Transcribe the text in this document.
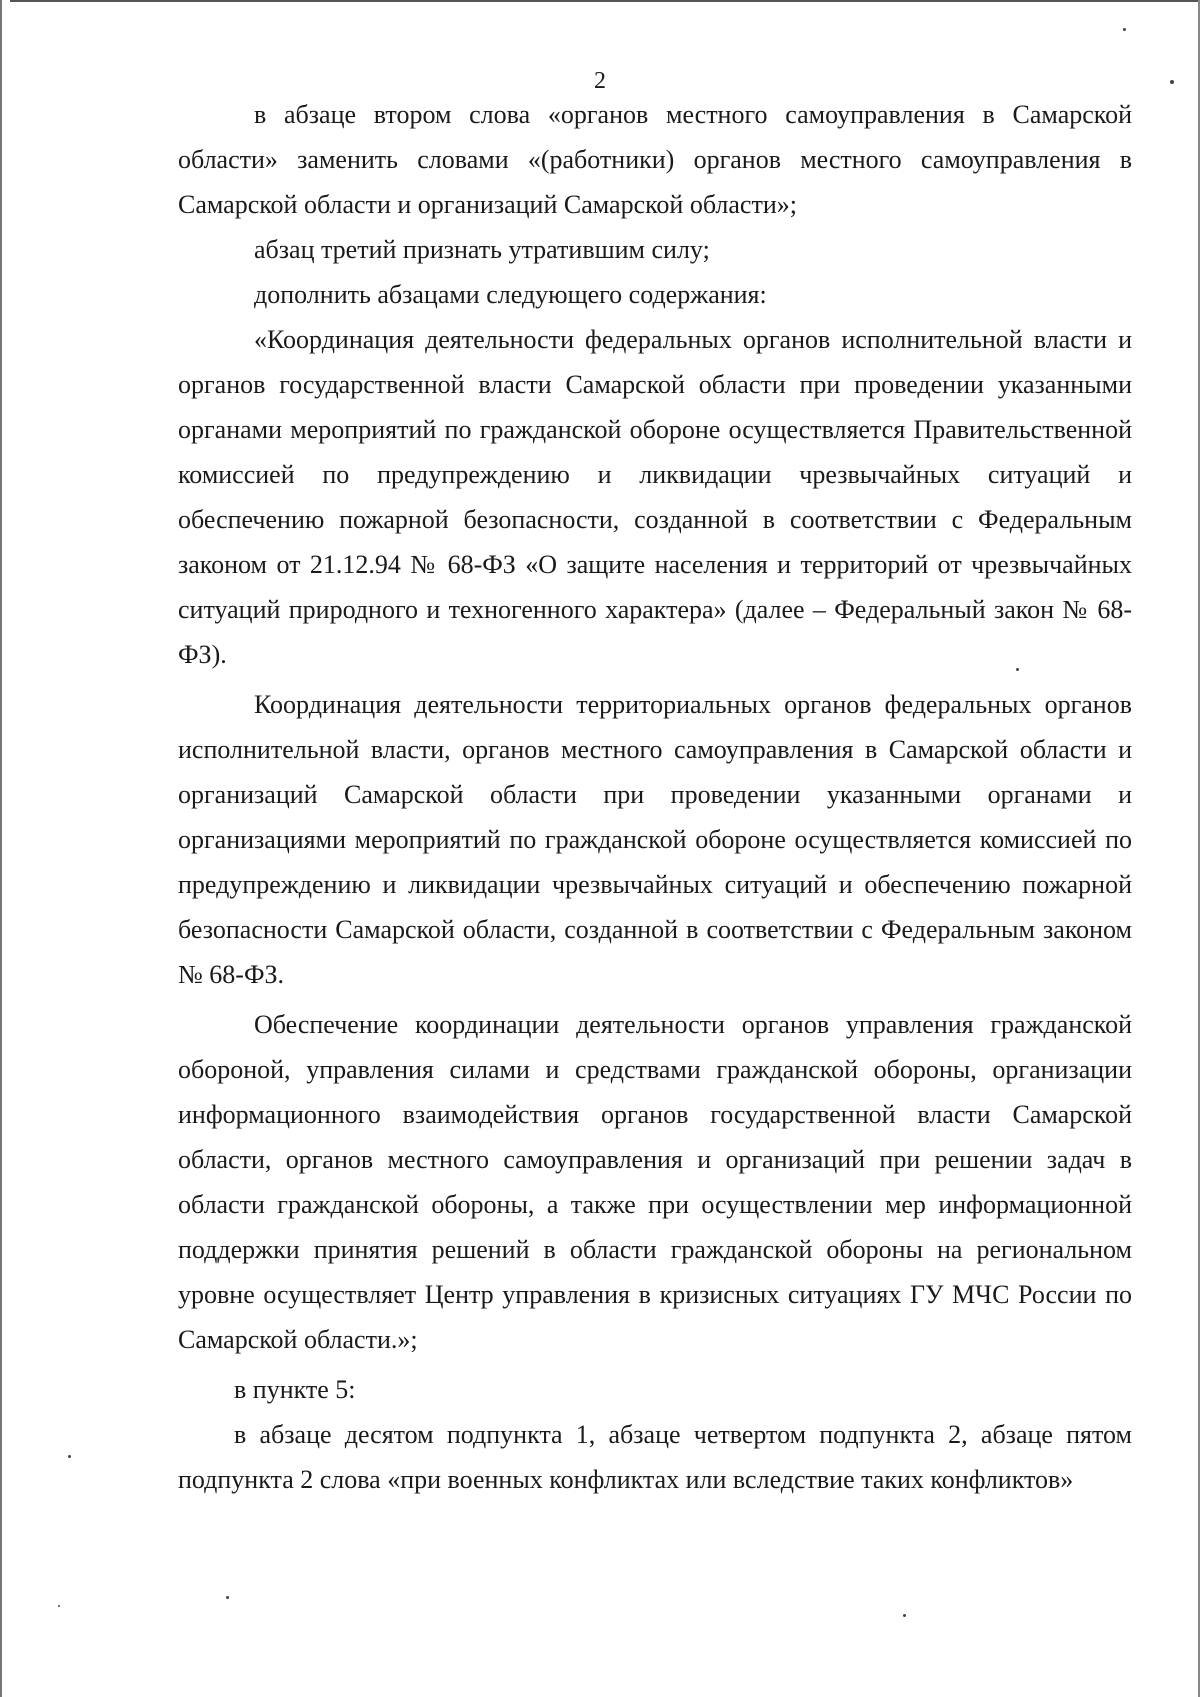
2

в абзаце втором слова «органов местного самоуправления в Самарской области» заменить словами «(работники) органов местного самоуправления в Самарской области и организаций Самарской области»;

абзац третий признать утратившим силу;

дополнить абзацами следующего содержания:

«Координация деятельности федеральных органов исполнительной власти и органов государственной власти Самарской области при проведении указанными органами мероприятий по гражданской обороне осуществляется Правительственной комиссией по предупреждению и ликвидации чрезвычайных ситуаций и обеспечению пожарной безопасности, созданной в соответствии с Федеральным законом от 21.12.94 № 68-ФЗ «О защите населения и территорий от чрезвычайных ситуаций природного и техногенного характера» (далее – Федеральный закон № 68-ФЗ).

Координация деятельности территориальных органов федеральных органов исполнительной власти, органов местного самоуправления в Самарской области и организаций Самарской области при проведении указанными органами и организациями мероприятий по гражданской обороне осуществляется комиссией по предупреждению и ликвидации чрезвычайных ситуаций и обеспечению пожарной безопасности Самарской области, созданной в соответствии с Федеральным законом № 68-ФЗ.

Обеспечение координации деятельности органов управления гражданской обороной, управления силами и средствами гражданской обороны, организации информационного взаимодействия органов государственной власти Самарской области, органов местного самоуправления и организаций при решении задач в области гражданской обороны, а также при осуществлении мер информационной поддержки принятия решений в области гражданской обороны на региональном уровне осуществляет Центр управления в кризисных ситуациях ГУ МЧС России по Самарской области.»;

в пункте 5:

в абзаце десятом подпункта 1, абзаце четвертом подпункта 2, абзаце пятом подпункта 2 слова «при военных конфликтах или вследствие таких конфликтов»
